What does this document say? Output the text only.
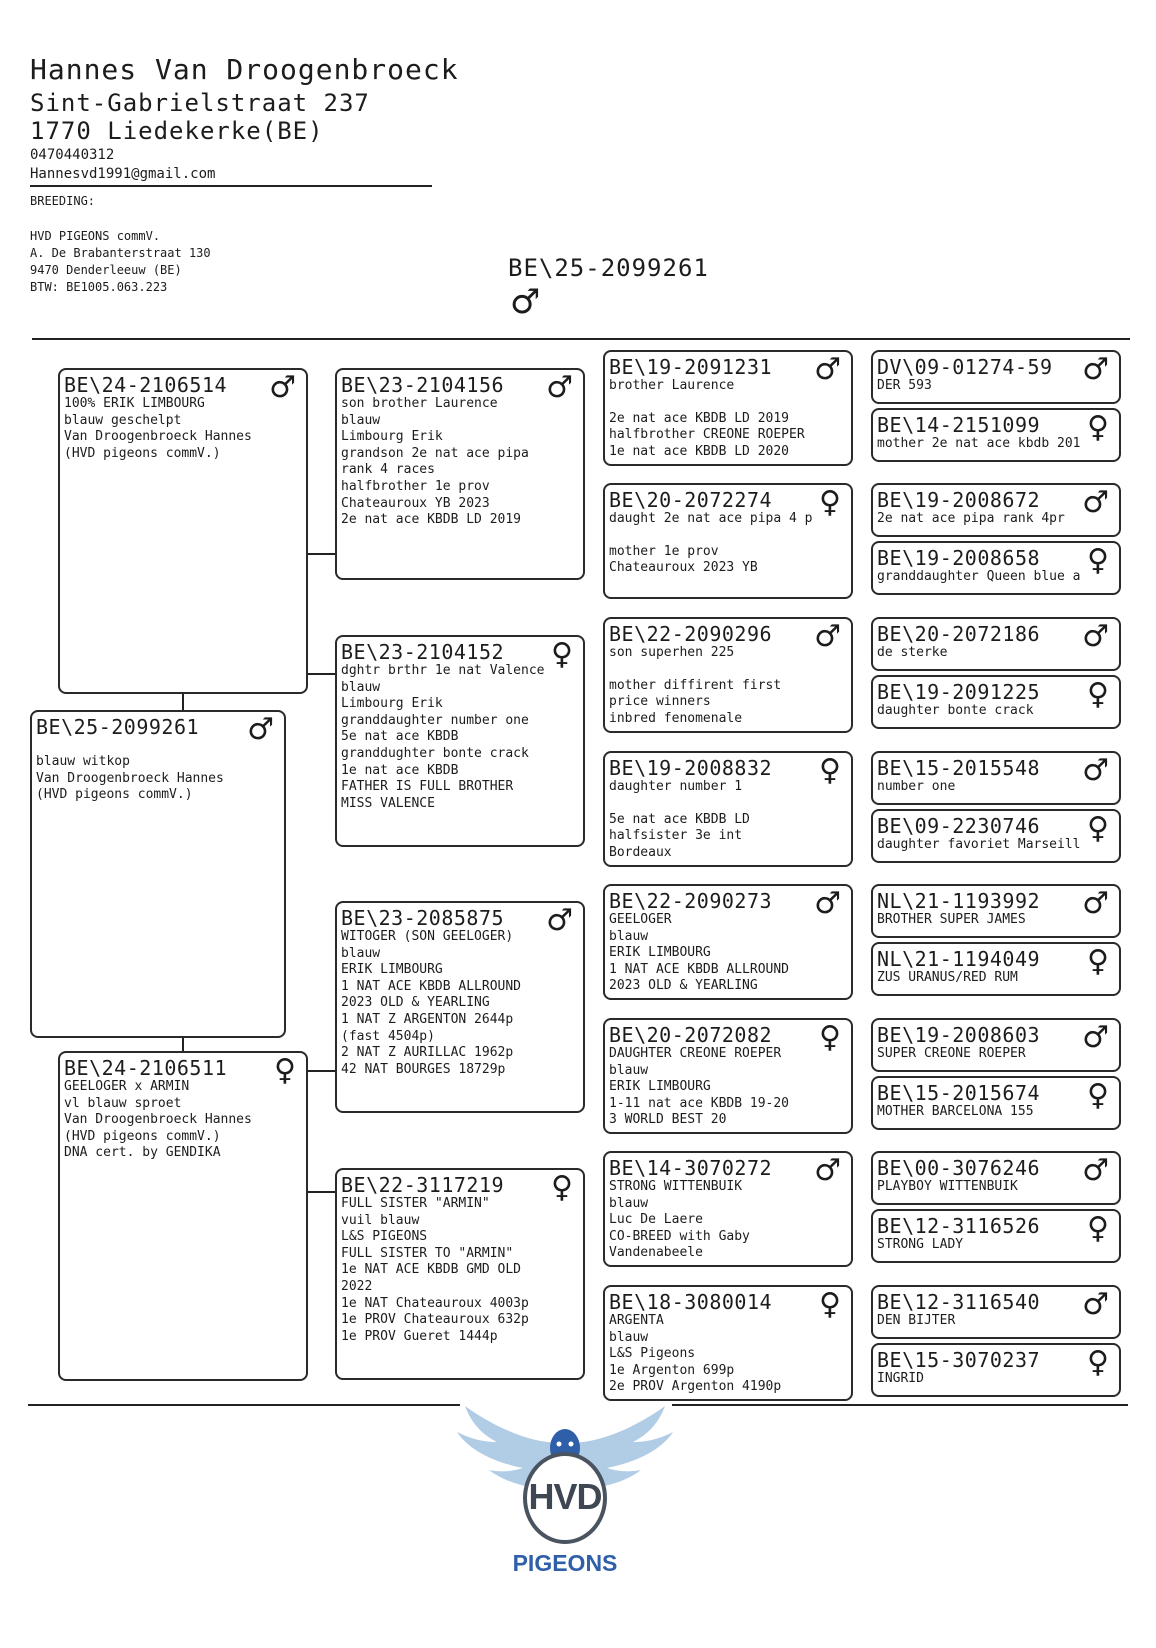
Hannes Van Droogenbroeck
Sint-Gabrielstraat 237
1770 Liedekerke(BE)
0470440312
Hannesvd1991@gmail.com
BREEDING:
HVD PIGEONS commV.
A. De Brabanterstraat 130
9470 Denderleeuw (BE)
BTW: BE1005.063.223
BE\25-2099261
♂
BE\24-2106514	♂
100% ERIK LIMBOURG
blauw geschelpt
Van Droogenbroeck Hannes
(HVD pigeons commV.)
BE\25-2099261	♂
blauw witkop
Van Droogenbroeck Hannes
(HVD pigeons commV.)
BE\24-2106511	♀
GEELOGER x ARMIN
vl blauw sproet
Van Droogenbroeck Hannes
(HVD pigeons commV.)
DNA cert. by GENDIKA
BE\23-2104156	♂
son brother Laurence
blauw
Limbourg Erik
grandson 2e nat ace pipa
rank 4 races
halfbrother 1e prov
Chateauroux YB 2023
2e nat ace KBDB LD 2019
BE\23-2104152	♀
dghtr brthr 1e nat Valence
blauw
Limbourg Erik
granddaughter number one
5e nat ace KBDB
granddughter bonte crack
1e nat ace KBDB
FATHER IS FULL BROTHER
MISS VALENCE
BE\23-2085875	♂
WITOGER (SON GEELOGER)
blauw
ERIK LIMBOURG
1 NAT ACE KBDB ALLROUND
2023 OLD & YEARLING
1 NAT Z ARGENTON 2644p
(fast 4504p)
2 NAT Z AURILLAC 1962p
42 NAT BOURGES 18729p
BE\22-3117219	♀
FULL SISTER "ARMIN"
vuil blauw
L&S PIGEONS
FULL SISTER TO "ARMIN"
1e NAT ACE KBDB GMD OLD
2022
1e NAT Chateauroux 4003p
1e PROV Chateauroux 632p
1e PROV Gueret 1444p
BE\19-2091231	♂
brother Laurence
2e nat ace KBDB LD 2019
halfbrother CREONE ROEPER
1e nat ace KBDB LD 2020
BE\20-2072274	♀
daught 2e nat ace pipa 4 p
mother 1e prov
Chateauroux 2023 YB
BE\22-2090296	♂
son superhen 225
mother diffirent first
price winners
inbred fenomenale
BE\19-2008832	♀
daughter number 1
5e nat ace KBDB LD
halfsister 3e int
Bordeaux
BE\22-2090273	♂
GEELOGER
blauw
ERIK LIMBOURG
1 NAT ACE KBDB ALLROUND
2023 OLD & YEARLING
BE\20-2072082	♀
DAUGHTER CREONE ROEPER
blauw
ERIK LIMBOURG
1-11 nat ace KBDB 19-20
3 WORLD BEST 20
BE\14-3070272	♂
STRONG WITTENBUIK
blauw
Luc De Laere
CO-BREED with Gaby
Vandenabeele
BE\18-3080014	♀
ARGENTA
blauw
L&S Pigeons
1e Argenton 699p
2e PROV Argenton 4190p
DV\09-01274-59 ♂
DER 593
BE\14-2151099	♀
mother 2e nat ace kbdb 201
BE\19-2008672	♂
2e nat ace pipa rank 4pr
BE\19-2008658	♀
granddaughter Queen blue a
BE\20-2072186	♂
de sterke
BE\19-2091225	♀
daughter bonte crack
BE\15-2015548	♂
number one
BE\09-2230746	♀
daughter favoriet Marseill
NL\21-1193992	♂
BROTHER SUPER JAMES
NL\21-1194049	♀
ZUS URANUS/RED RUM
BE\19-2008603	♂
SUPER CREONE ROEPER
BE\15-2015674	♀
MOTHER BARCELONA 155
BE\00-3076246	♂
PLAYBOY WITTENBUIK
BE\12-3116526	♀
STRONG LADY
BE\12-3116540	♂
DEN BIJTER
BE\15-3070237	♀
INGRID
HVD
PIGEONS
